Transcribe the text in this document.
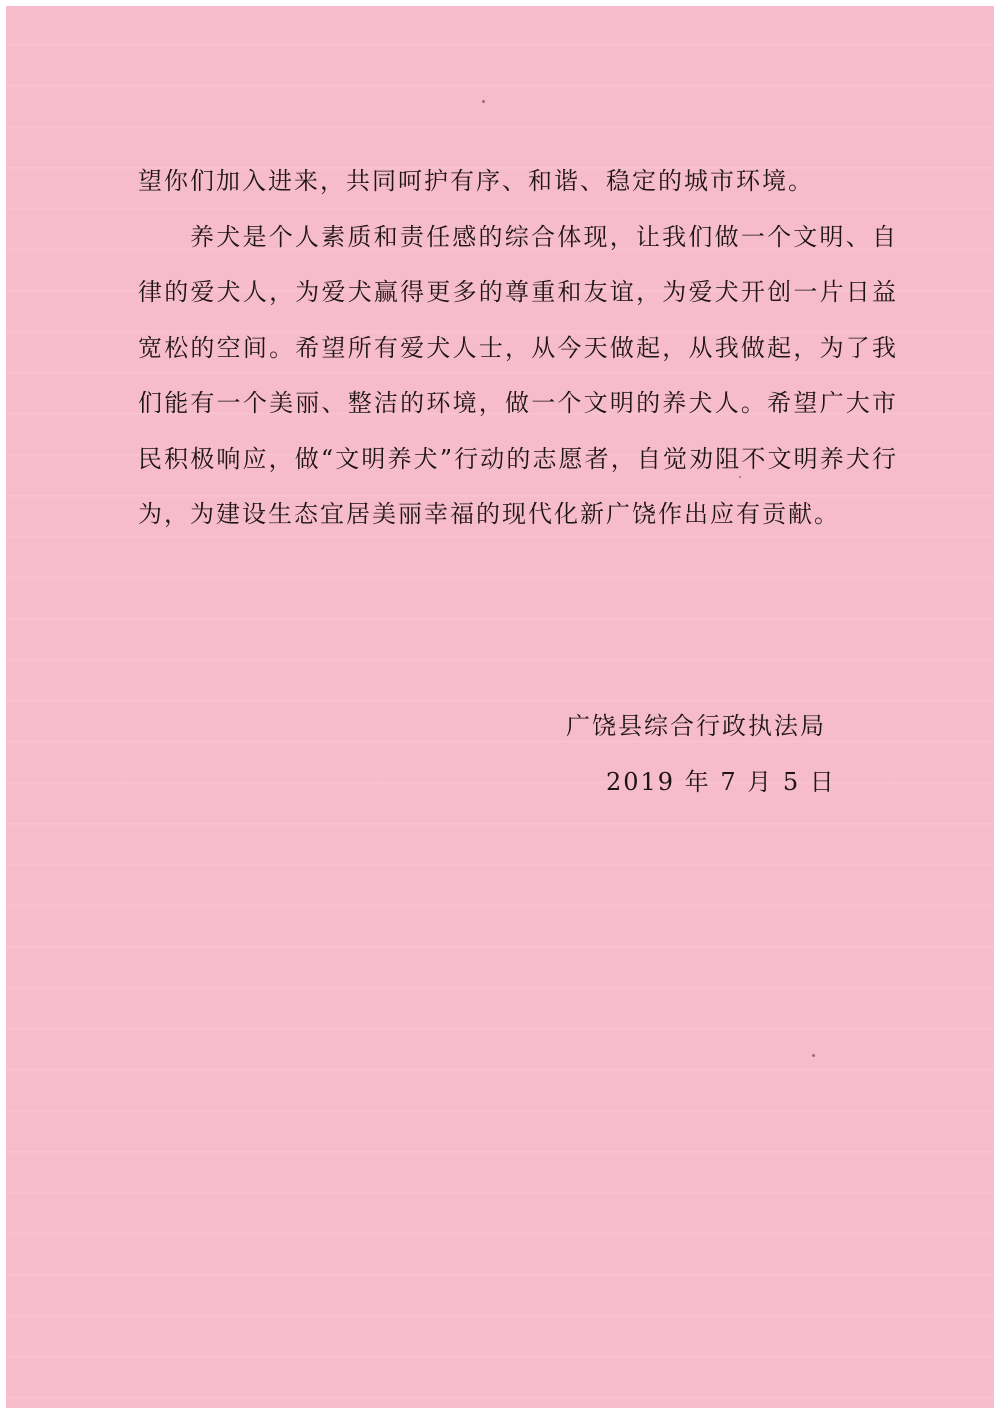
望你们加入进来，共同呵护有序、和谐、稳定的城市环境。

养犬是个人素质和责任感的综合体现，让我们做一个文明、自律的爱犬人，为爱犬赢得更多的尊重和友谊，为爱犬开创一片日益宽松的空间。希望所有爱犬人士，从今天做起，从我做起，为了我们能有一个美丽、整洁的环境，做一个文明的养犬人。希望广大市民积极响应，做“文明养犬”行动的志愿者，自觉劝阻不文明养犬行为，为建设生态宜居美丽幸福的现代化新广饶作出应有贡献。

广饶县综合行政执法局

2019 年 7 月 5 日
